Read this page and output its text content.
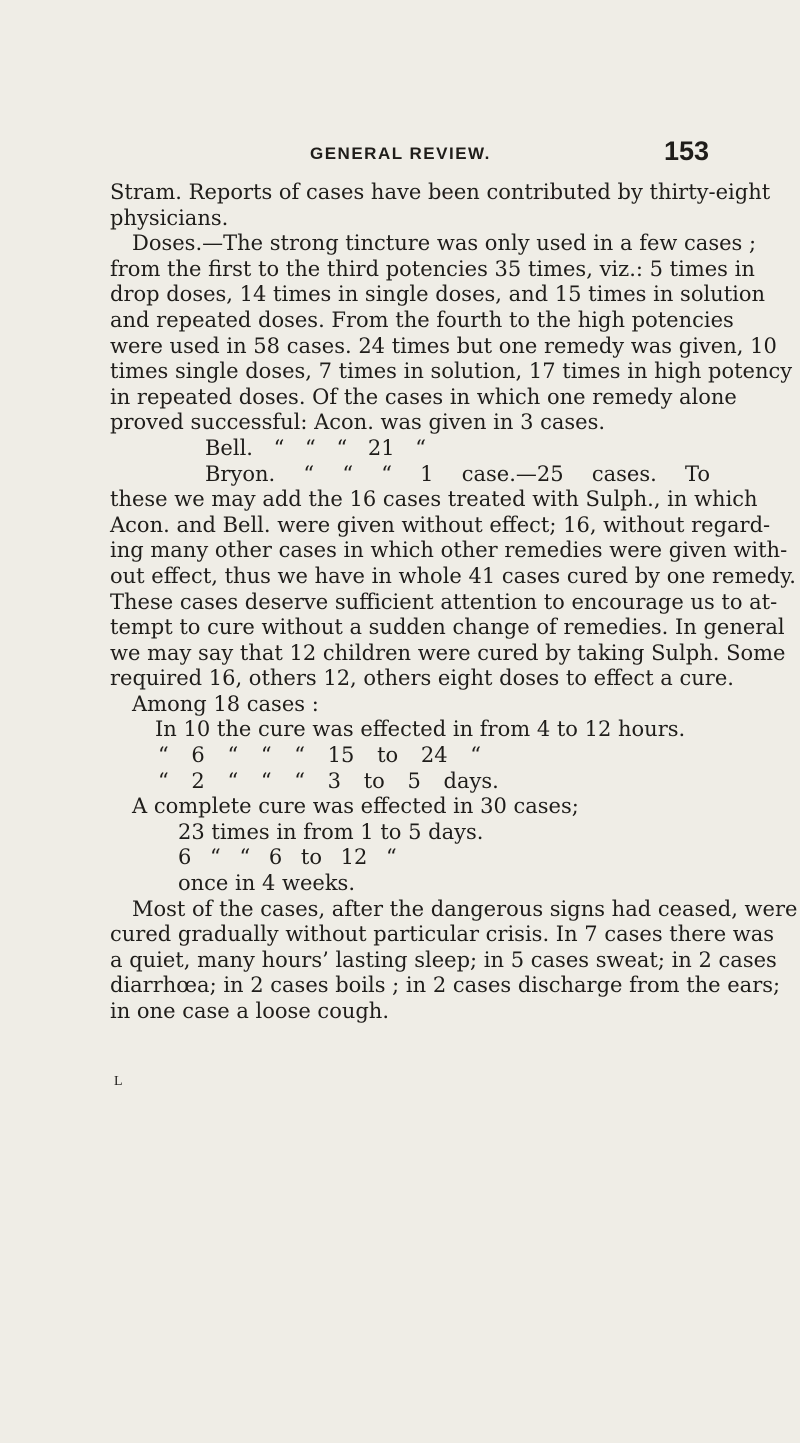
GENERAL REVIEW.	153
Stram. Reports of cases have been contributed by thirty-eight
physicians.
Doses.—The strong tincture was only used in a few cases ;
from the first to the third potencies 35 times, viz.: 5 times in
drop doses, 14 times in single doses, and 15 times in solution
and repeated doses. From the fourth to the high potencies
were used in 58 cases. 24 times but one remedy was given, 10
times single doses, 7 times in solution, 17 times in high potency
in repeated doses. Of the cases in which one remedy alone
proved successful: Acon. was given in 3 cases.
Bell. “ “ “ 21 “
Bryon. “ “ “ 1 case.—25 cases. To
these we may add the 16 cases treated with Sulph., in which
Acon. and Bell. were given without effect; 16, without regard-
ing many other cases in which other remedies were given with-
out effect, thus we have in whole 41 cases cured by one remedy.
These cases deserve sufficient attention to encourage us to at-
tempt to cure without a sudden change of remedies. In general
we may say that 12 children were cured by taking Sulph. Some
required 16, others 12, others eight doses to effect a cure.
Among 18 cases :
In 10 the cure was effected in from 4 to 12 hours.
“ 6 “ “ “ 15 to 24 “
“ 2 “ “ “ 3 to 5 days.
A complete cure was effected in 30 cases;
23 times in from 1 to 5 days.
6 “ “ 6 to 12 “
once in 4 weeks.
Most of the cases, after the dangerous signs had ceased, were
cured gradually without particular crisis. In 7 cases there was
a quiet, many hours’ lasting sleep; in 5 cases sweat; in 2 cases
diarrhœa; in 2 cases boils ; in 2 cases discharge from the ears;
in one case a loose cough.
L
